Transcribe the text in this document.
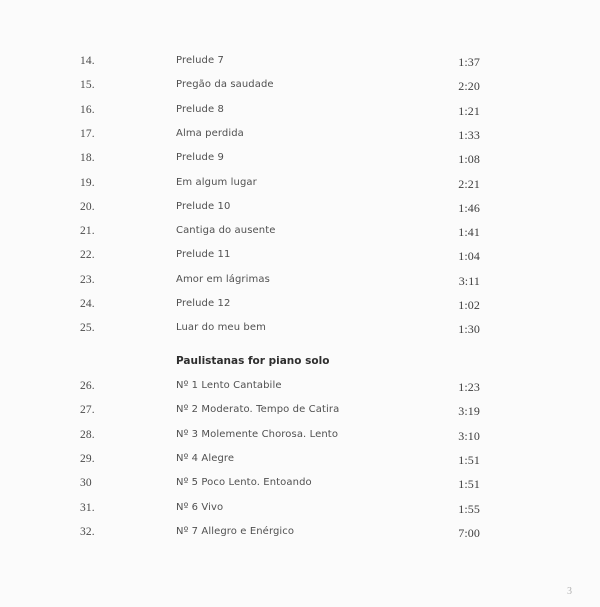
14.	Prelude 7	1:37
15.	Pregão da saudade	2:20
16.	Prelude 8	1:21
17.	Alma perdida	1:33
18.	Prelude 9	1:08
19.	Em algum lugar	2:21
20.	Prelude 10	1:46
21.	Cantiga do ausente	1:41
22.	Prelude 11	1:04
23.	Amor em lágrimas	3:11
24.	Prelude 12	1:02
25.	Luar do meu bem	1:30
Paulistanas for piano solo
26.	Nº 1 Lento Cantabile	1:23
27.	Nº 2 Moderato. Tempo de Catira	3:19
28.	Nº 3 Molemente Chorosa. Lento	3:10
29.	Nº 4 Alegre	1:51
30	Nº 5 Poco Lento. Entoando	1:51
31.	Nº 6 Vivo	1:55
32.	Nº 7 Allegro e Enérgico	7:00
3
